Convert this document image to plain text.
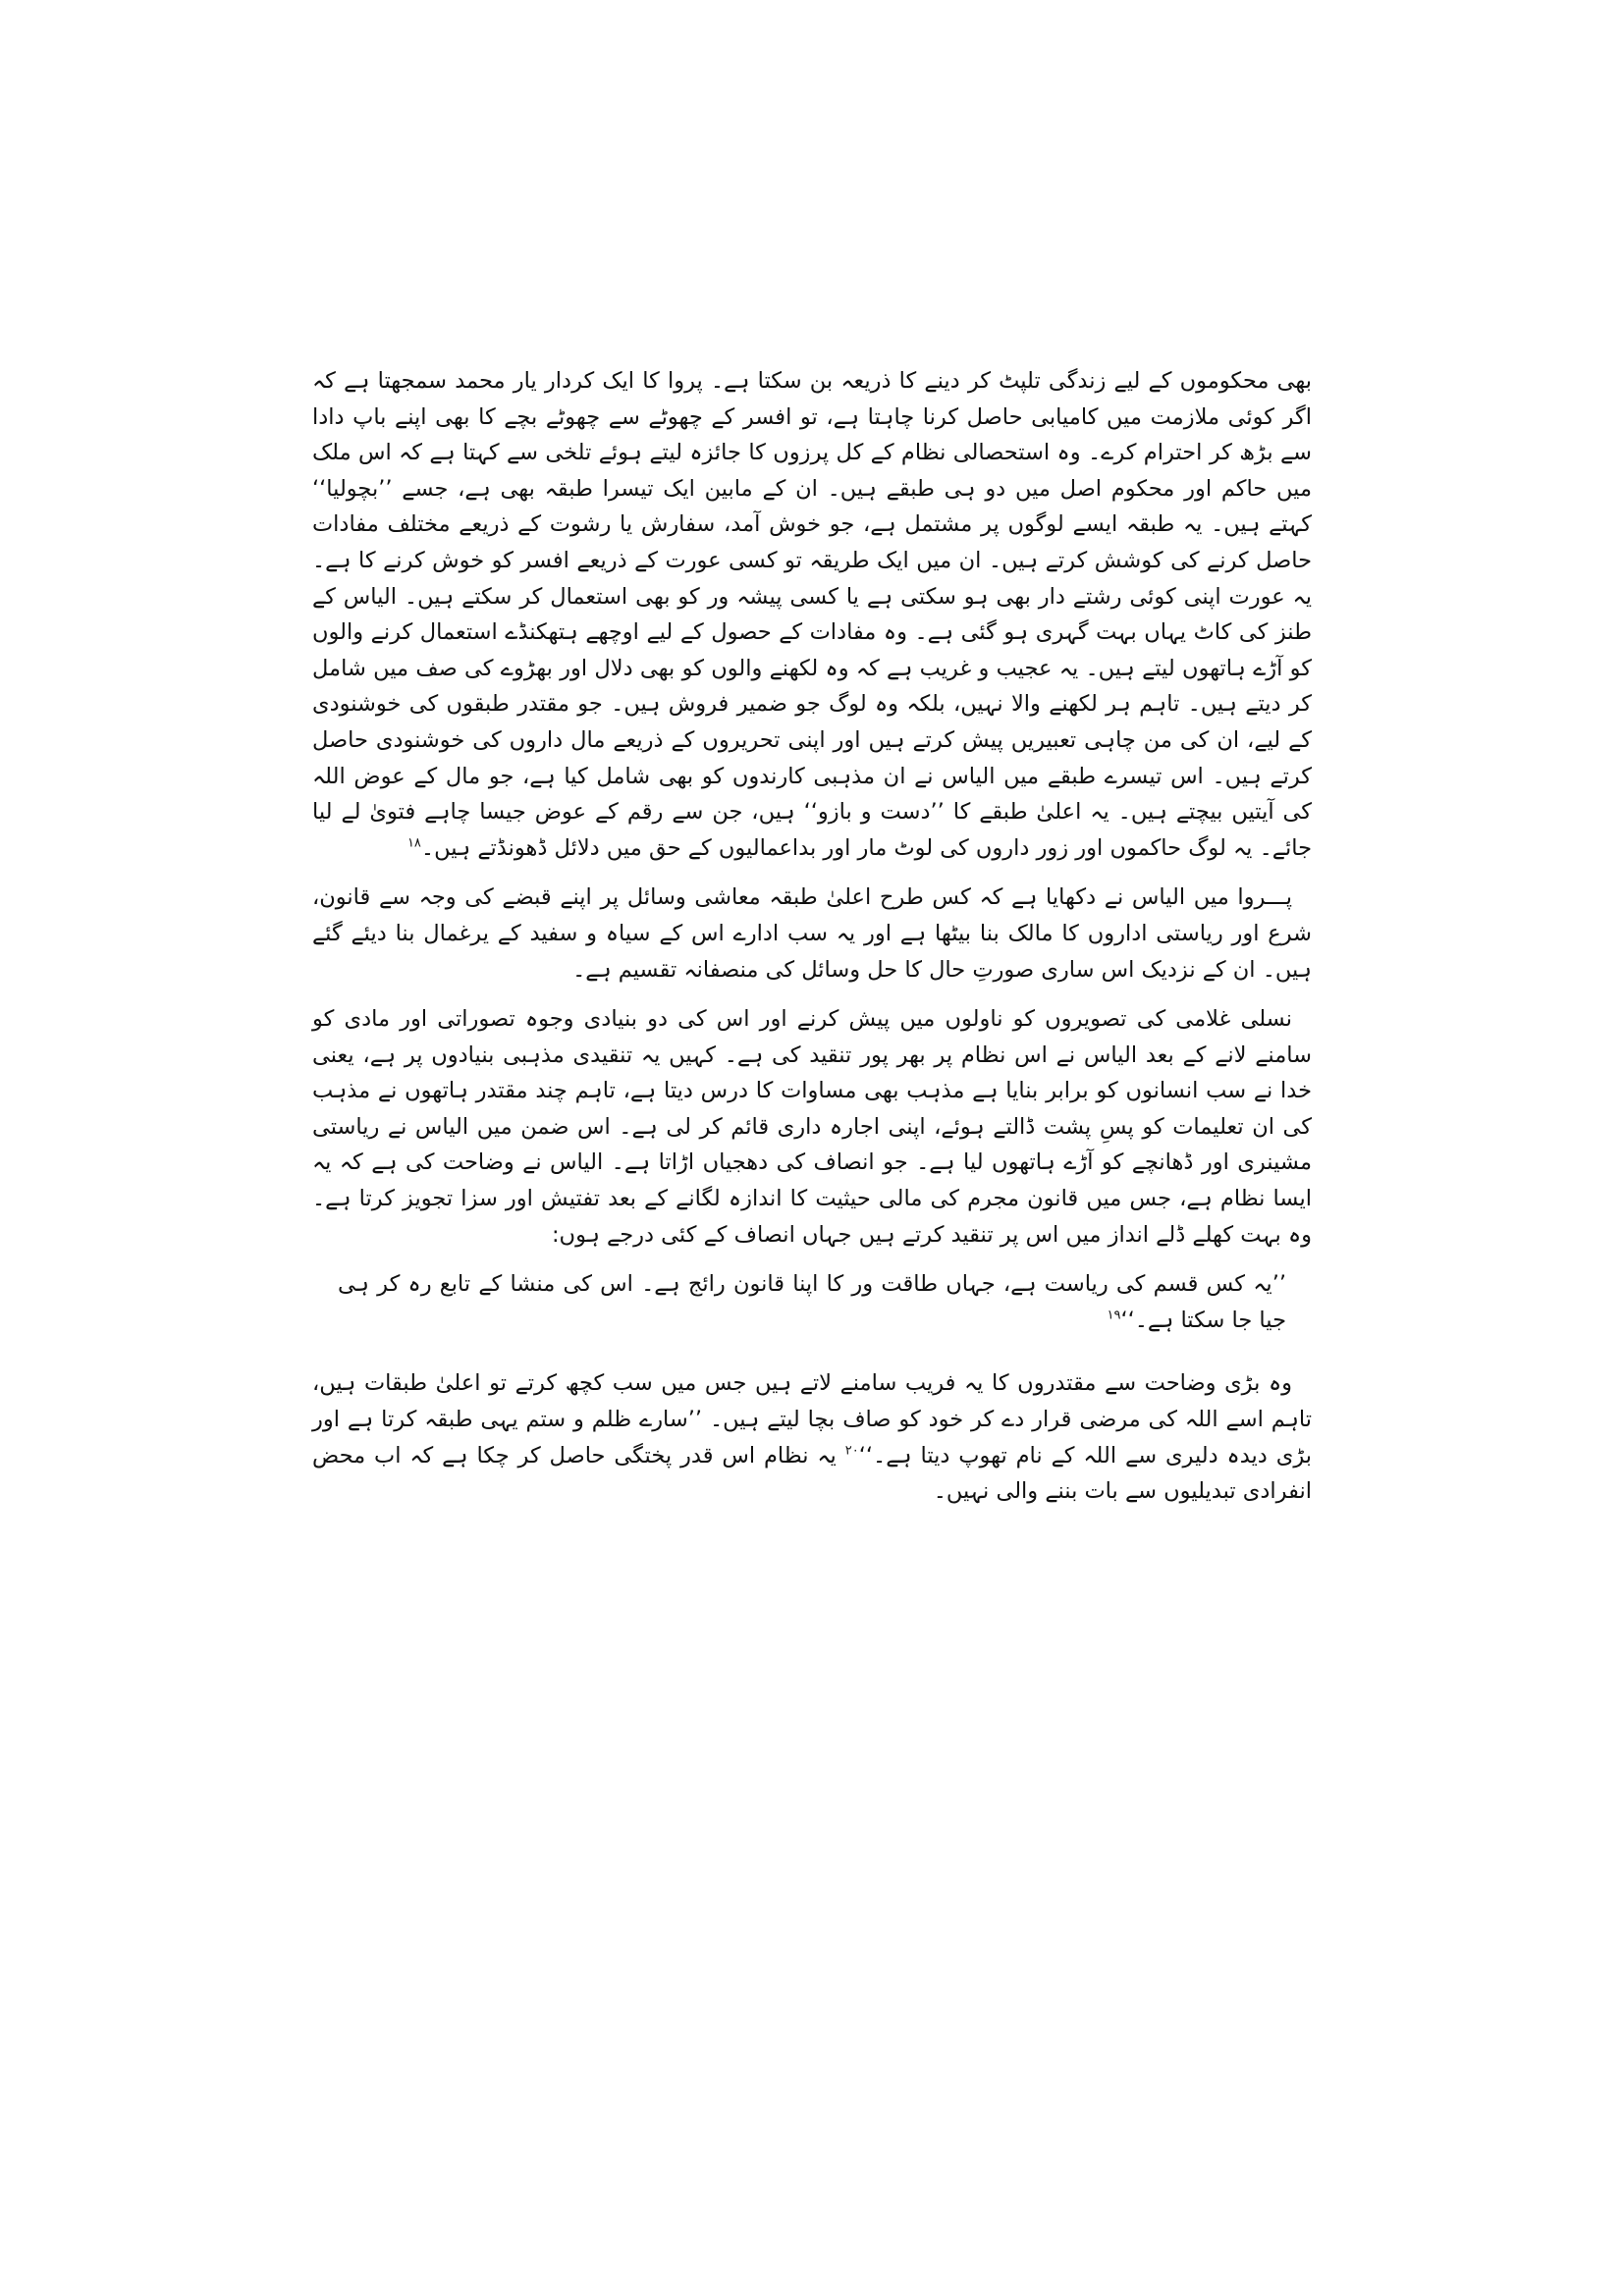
بھی محکوموں کے لیے زندگی تلپٹ کر دینے کا ذریعہ بن سکتا ہے۔ پروا کا ایک کردار یار محمد سمجھتا ہے کہ اگر کوئی ملازمت میں کامیابی حاصل کرنا چاہتا ہے، تو افسر کے چھوٹے سے چھوٹے بچے کا بھی اپنے باپ دادا سے بڑھ کر احترام کرے۔ وہ استحصالی نظام کے کل پرزوں کا جائزہ لیتے ہوئے تلخی سے کہتا ہے کہ اس ملک میں حاکم اور محکوم اصل میں دو ہی طبقے ہیں۔ ان کے مابین ایک تیسرا طبقہ بھی ہے، جسے ’’بچولیا‘‘ کہتے ہیں۔ یہ طبقہ ایسے لوگوں پر مشتمل ہے، جو خوش آمد، سفارش یا رشوت کے ذریعے مختلف مفادات حاصل کرنے کی کوشش کرتے ہیں۔ ان میں ایک طریقہ تو کسی عورت کے ذریعے افسر کو خوش کرنے کا ہے۔ یہ عورت اپنی کوئی رشتے دار بھی ہو سکتی ہے یا کسی پیشہ ور کو بھی استعمال کر سکتے ہیں۔ الیاس کے طنز کی کاٹ یہاں بہت گہری ہو گئی ہے۔ وہ مفادات کے حصول کے لیے اوچھے ہتھکنڈے استعمال کرنے والوں کو آڑے ہاتھوں لیتے ہیں۔ یہ عجیب و غریب ہے کہ وہ لکھنے والوں کو بھی دلال اور بھڑوے کی صف میں شامل کر دیتے ہیں۔ تاہم ہر لکھنے والا نہیں، بلکہ وہ لوگ جو ضمیر فروش ہیں۔ جو مقتدر طبقوں کی خوشنودی کے لیے، ان کی من چاہی تعبیریں پیش کرتے ہیں اور اپنی تحریروں کے ذریعے مال داروں کی خوشنودی حاصل کرتے ہیں۔ اس تیسرے طبقے میں الیاس نے ان مذہبی کارندوں کو بھی شامل کیا ہے، جو مال کے عوض اللہ کی آیتیں بیچتے ہیں۔ یہ اعلیٰ طبقے کا ’’دست و بازو‘‘ ہیں، جن سے رقم کے عوض جیسا چاہے فتویٰ لے لیا جائے۔ یہ لوگ حاکموں اور زور داروں کی لوٹ مار اور بداعمالیوں کے حق میں دلائل ڈھونڈتے ہیں۔$^{۱۸}$

پـــروا میں الیاس نے دکھایا ہے کہ کس طرح اعلیٰ طبقہ معاشی وسائل پر اپنے قبضے کی وجہ سے قانون، شرع اور ریاستی اداروں کا مالک بنا بیٹھا ہے اور یہ سب ادارے اس کے سیاہ و سفید کے یرغمال بنا دیئے گئے ہیں۔ ان کے نزدیک اس ساری صورتِ حال کا حل وسائل کی منصفانہ تقسیم ہے۔

نسلی غلامی کی تصویروں کو ناولوں میں پیش کرنے اور اس کی دو بنیادی وجوہ تصوراتی اور مادی کو سامنے لانے کے بعد الیاس نے اس نظام پر بھر پور تنقید کی ہے۔ کہیں یہ تنقیدی مذہبی بنیادوں پر ہے، یعنی خدا نے سب انسانوں کو برابر بنایا ہے مذہب بھی مساوات کا درس دیتا ہے، تاہم چند مقتدر ہاتھوں نے مذہب کی ان تعلیمات کو پسِ پشت ڈالتے ہوئے، اپنی اجارہ داری قائم کر لی ہے۔ اس ضمن میں الیاس نے ریاستی مشینری اور ڈھانچے کو آڑے ہاتھوں لیا ہے۔ جو انصاف کی دھجیاں اڑاتا ہے۔ الیاس نے وضاحت کی ہے کہ یہ ایسا نظام ہے، جس میں قانون مجرم کی مالی حیثیت کا اندازہ لگانے کے بعد تفتیش اور سزا تجویز کرتا ہے۔ وہ بہت کھلے ڈلے انداز میں اس پر تنقید کرتے ہیں جہاں انصاف کے کئی درجے ہوں:

’’یہ کس قسم کی ریاست ہے، جہاں طاقت ور کا اپنا قانون رائج ہے۔ اس کی منشا کے تابع رہ کر ہی جیا جا سکتا ہے۔‘‘$^{۱۹}$

وہ بڑی وضاحت سے مقتدروں کا یہ فریب سامنے لاتے ہیں جس میں سب کچھ کرتے تو اعلیٰ طبقات ہیں، تاہم اسے اللہ کی مرضی قرار دے کر خود کو صاف بچا لیتے ہیں۔ ’’سارے ظلم و ستم یہی طبقہ کرتا ہے اور بڑی دیدہ دلیری سے اللہ کے نام تھوپ دیتا ہے۔‘‘$^{۲۰}$ یہ نظام اس قدر پختگی حاصل کر چکا ہے کہ اب محض انفرادی تبدیلیوں سے بات بننے والی نہیں۔
